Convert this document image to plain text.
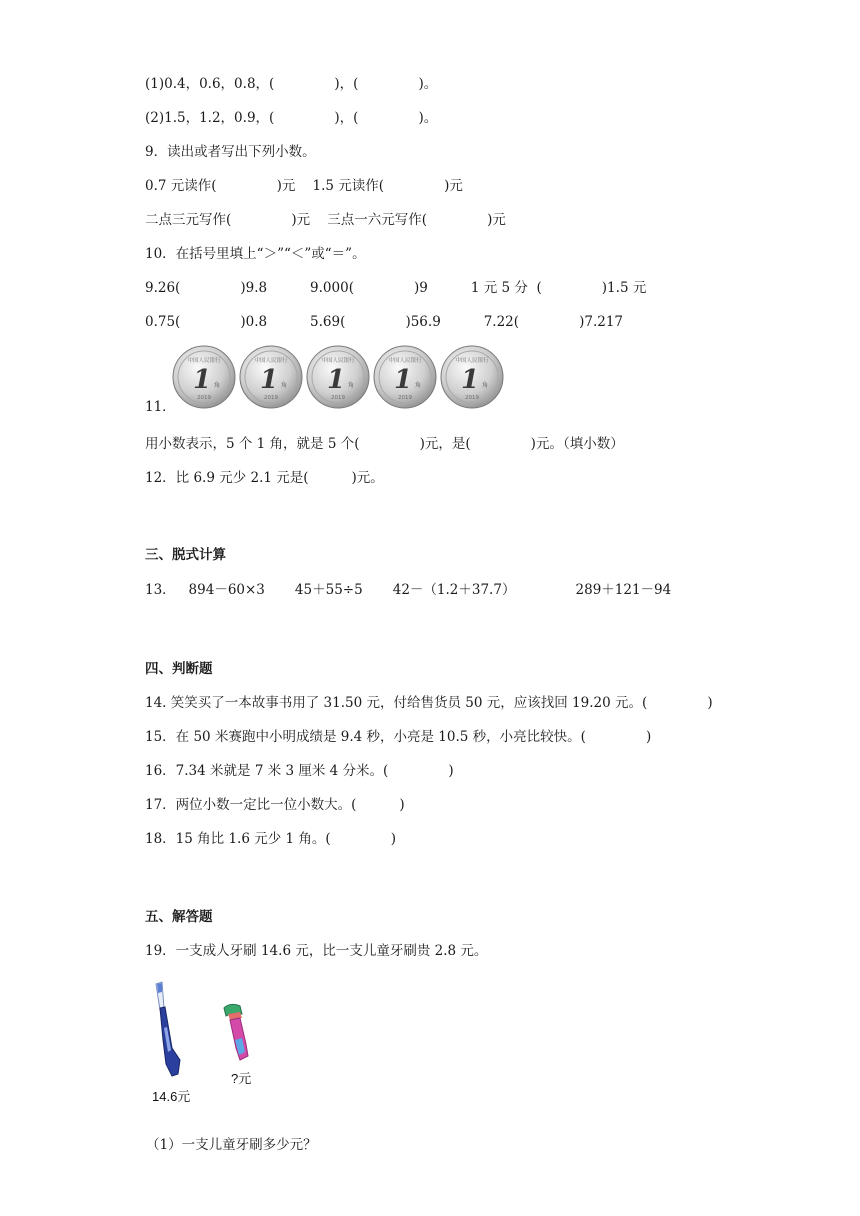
(1)0.4，0.6，0.8，(              )，(              )。
(2)1.5，1.2，0.9，(              )，(              )。
9．读出或者写出下列小数。
0.7 元读作(              )元    1.5 元读作(              )元
二点三元写作(              )元    三点一六元写作(              )元
10．在括号里填上“＞”“＜”或“＝”。
9.26(              )9.8          9.000(              )9          1 元 5 分  (              )1.5 元
0.75(              )0.8          5.69(              )56.9          7.22(              )7.217
11．
中国人民银行
1 角
2019
中国人民银行
1 角
2019
中国人民银行
1 角
2019
中国人民银行
1 角
2019
中国人民银行
1 角
2019
用小数表示，5 个 1 角，就是 5 个(              )元，是(              )元。（填小数）
12．比 6.9 元少 2.1 元是(          )元。
三、脱式计算
13．   894－60×3       45＋55÷5       42－（1.2＋37.7）              289＋121－94
四、判断题
14. 笑笑买了一本故事书用了 31.50 元，付给售货员 50 元，应该找回 19.20 元。(              )
15．在 50 米赛跑中小明成绩是 9.4 秒，小亮是 10.5 秒，小亮比较快。(              )
16．7.34 米就是 7 米 3 厘米 4 分米。(              )
17．两位小数一定比一位小数大。(          )
18．15 角比 1.6 元少 1 角。(              )
五、解答题
19．一支成人牙刷 14.6 元，比一支儿童牙刷贵 2.8 元。
14.6元
?元
（1）一支儿童牙刷多少元？
